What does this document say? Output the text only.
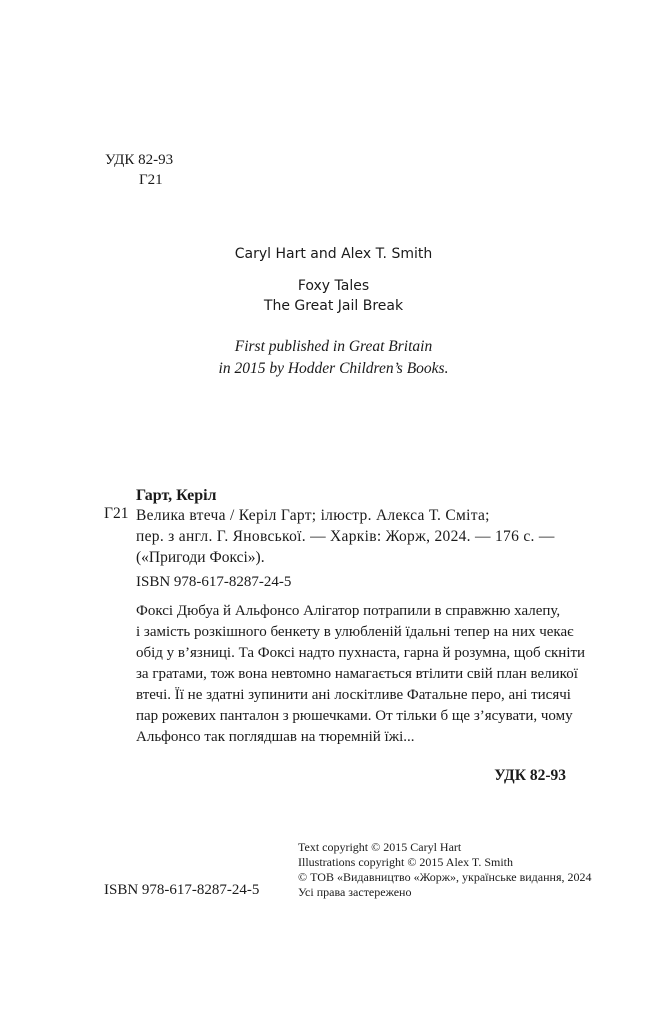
УДК 82-93
Г21
Caryl Hart and Alex T. Smith
Foxy Tales
The Great Jail Break
First published in Great Britain
in 2015 by Hodder Children’s Books.
Гарт, Керіл
Г21 Велика втеча / Керіл Гарт; ілюстр. Алекса Т. Сміта;
пер. з англ. Г. Яновської. — Харків: Жорж, 2024. — 176 с. —
(«Пригоди Фоксі»).
ISBN 978-617-8287-24-5
Фоксі Дюбуа й Альфонсо Алігатор потрапили в справжню халепу,
і замість розкішного бенкету в улюбленій їдальні тепер на них чекає
обід у в’язниці. Та Фоксі надто пухнаста, гарна й розумна, щоб скніти
за гратами, тож вона невтомно намагається втілити свій план великої
втечі. Її не здатні зупинити ані лоскітливе Фатальне перо, ані тисячі
пар рожевих панталон з рюшечками. От тільки б ще з’ясувати, чому
Альфонсо так поглядшав на тюремній їжі...
УДК 82-93
Text copyright © 2015 Caryl Hart
Illustrations copyright © 2015 Alex T. Smith
© ТОВ «Видавництво «Жорж», українське видання, 2024
Усі права застережено
ISBN 978-617-8287-24-5
